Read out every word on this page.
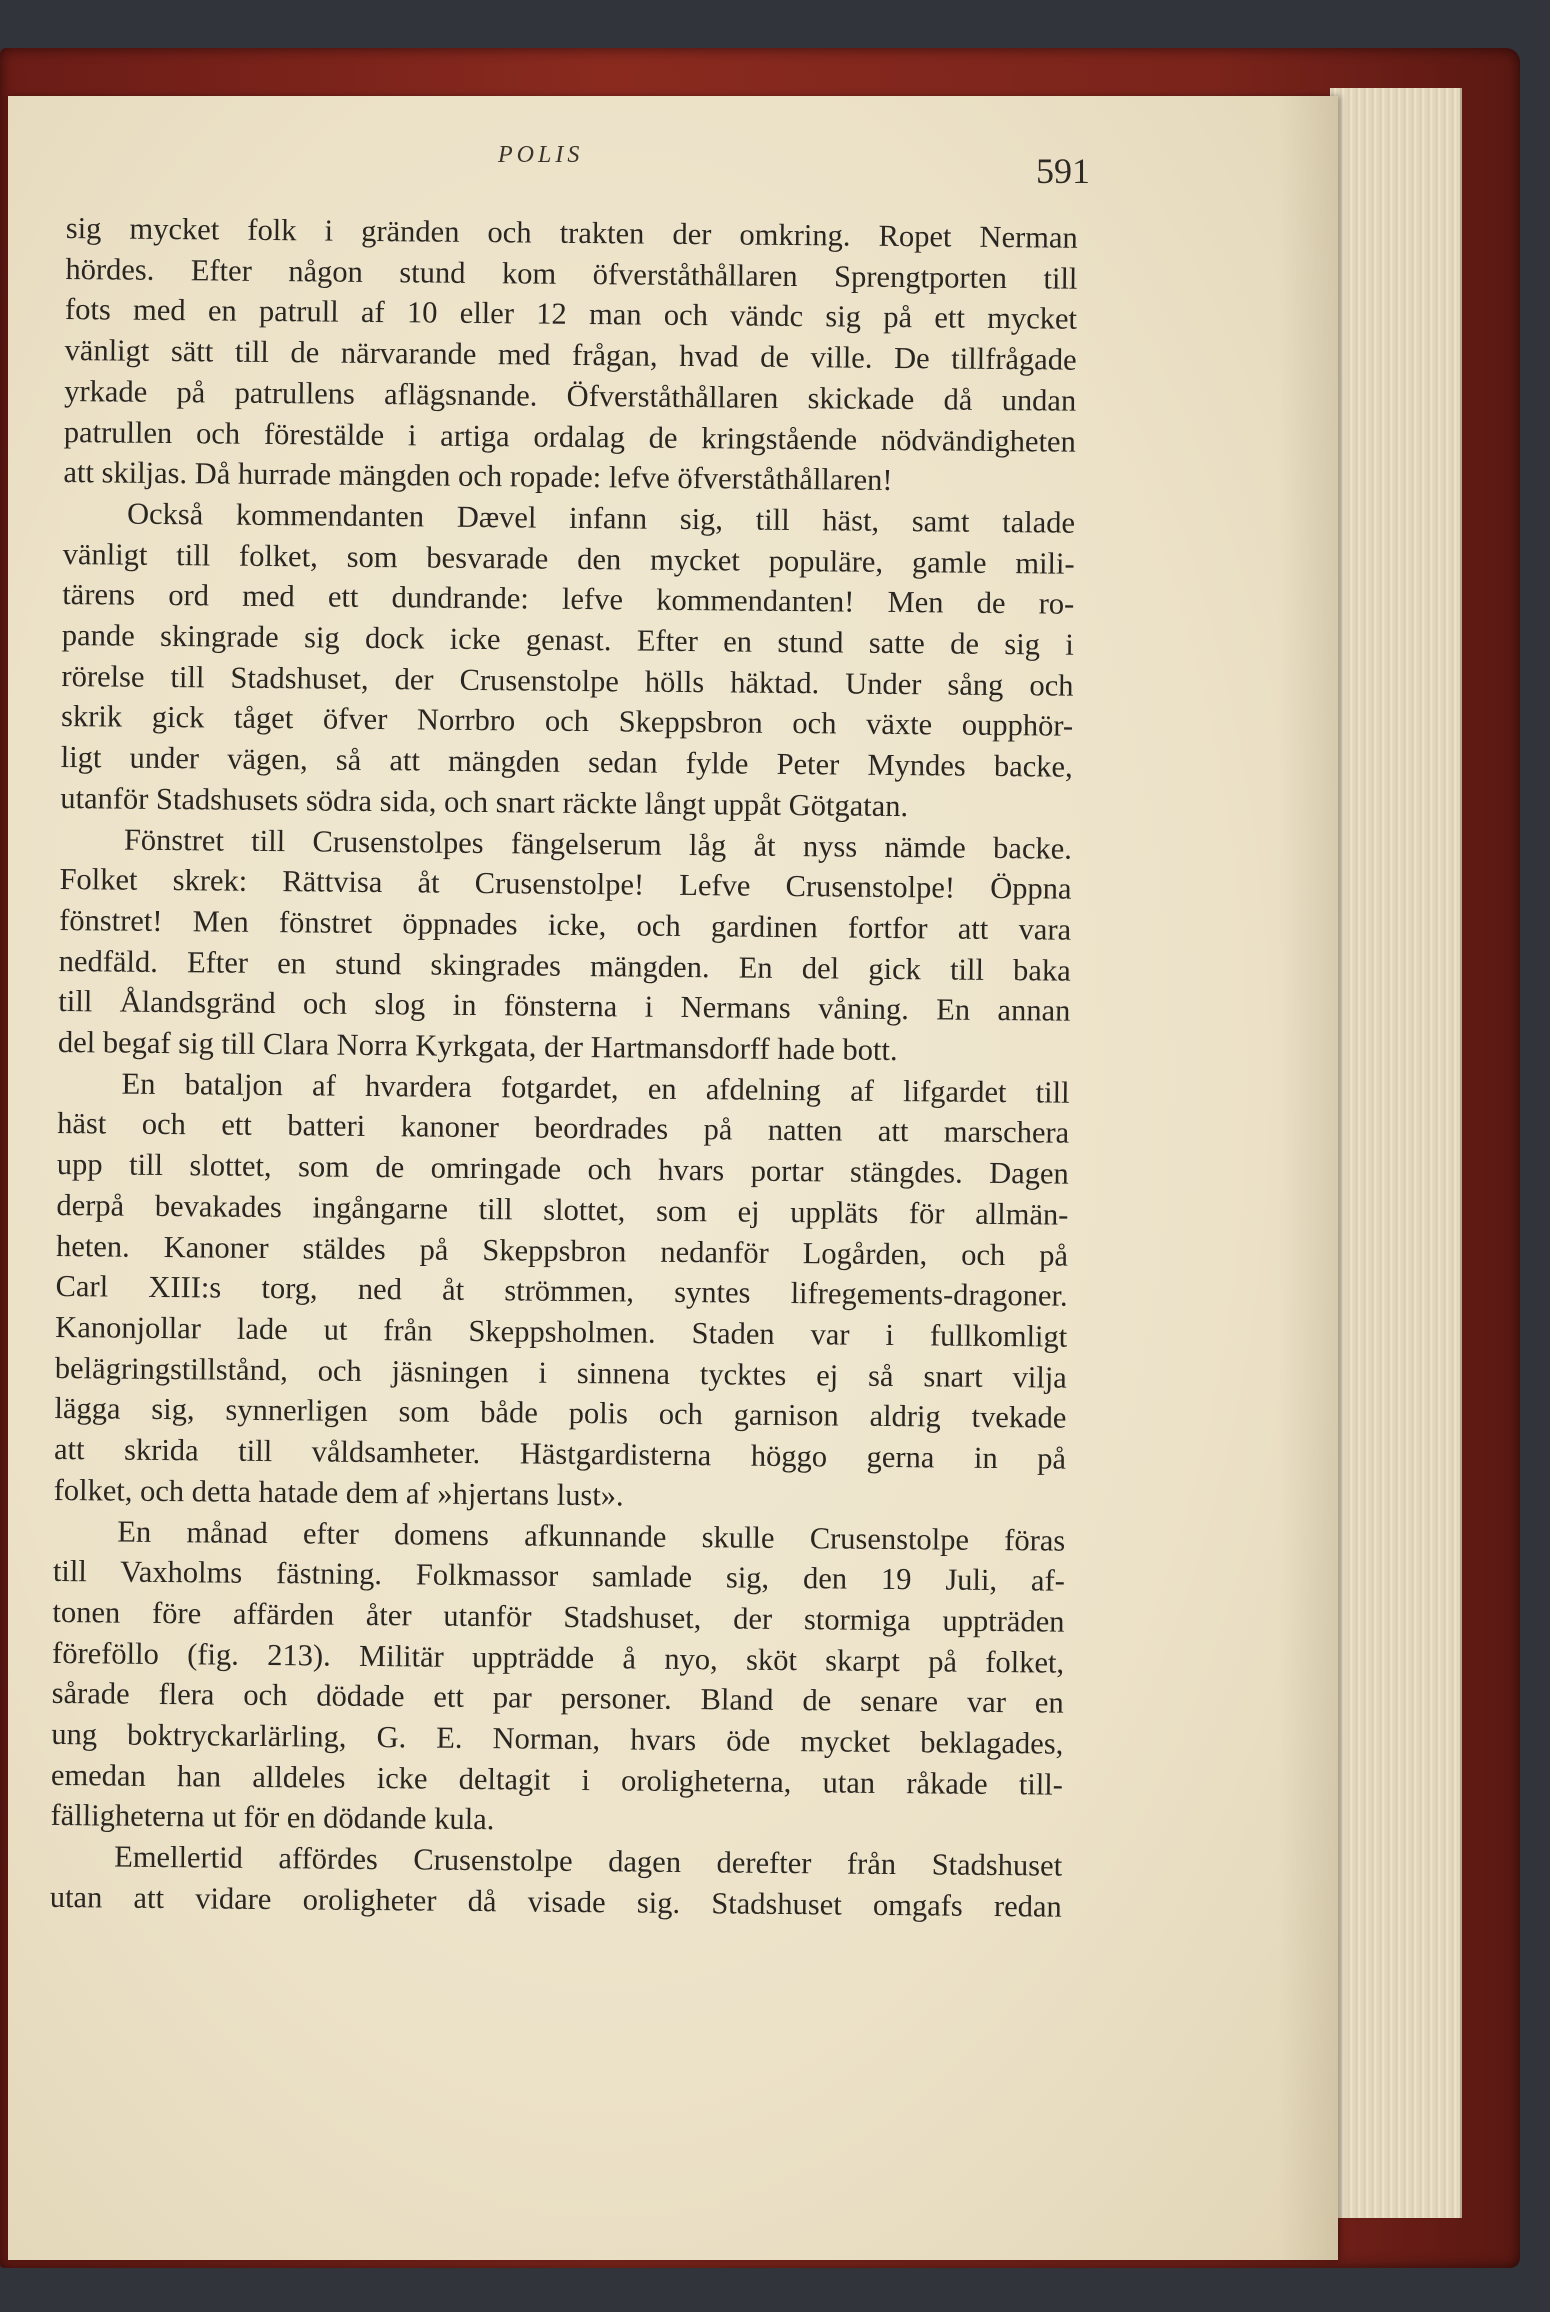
POLIS	591
sig mycket folk i gränden och trakten der omkring. Ropet Nerman
hördes. Efter någon stund kom öfverståthållaren Sprengtporten till
fots med en patrull af 10 eller 12 man och vändc sig på ett mycket
vänligt sätt till de närvarande med frågan, hvad de ville. De tillfrågade
yrkade på patrullens aflägsnande. Öfverståthållaren skickade då undan
patrullen och förestälde i artiga ordalag de kringstående nödvändigheten
att skiljas. Då hurrade mängden och ropade: lefve öfverståthållaren!
Också kommendanten Dævel infann sig, till häst, samt talade
vänligt till folket, som besvarade den mycket populäre, gamle mili-
tärens ord med ett dundrande: lefve kommendanten! Men de ro-
pande skingrade sig dock icke genast. Efter en stund satte de sig i
rörelse till Stadshuset, der Crusenstolpe hölls häktad. Under sång och
skrik gick tåget öfver Norrbro och Skeppsbron och växte oupphör-
ligt under vägen, så att mängden sedan fylde Peter Myndes backe,
utanför Stadshusets södra sida, och snart räckte långt uppåt Götgatan.
Fönstret till Crusenstolpes fängelserum låg åt nyss nämde backe.
Folket skrek: Rättvisa åt Crusenstolpe! Lefve Crusenstolpe! Öppna
fönstret! Men fönstret öppnades icke, och gardinen fortfor att vara
nedfäld. Efter en stund skingrades mängden. En del gick till baka
till Ålandsgränd och slog in fönsterna i Nermans våning. En annan
del begaf sig till Clara Norra Kyrkgata, der Hartmansdorff hade bott.
En bataljon af hvardera fotgardet, en afdelning af lifgardet till
häst och ett batteri kanoner beordrades på natten att marschera
upp till slottet, som de omringade och hvars portar stängdes. Dagen
derpå bevakades ingångarne till slottet, som ej uppläts för allmän-
heten. Kanoner stäldes på Skeppsbron nedanför Logården, och på
Carl XIII:s torg, ned åt strömmen, syntes lifregements-dragoner.
Kanonjollar lade ut från Skeppsholmen. Staden var i fullkomligt
belägringstillstånd, och jäsningen i sinnena tycktes ej så snart vilja
lägga sig, synnerligen som både polis och garnison aldrig tvekade
att skrida till våldsamheter. Hästgardisterna höggo gerna in på
folket, och detta hatade dem af »hjertans lust».
En månad efter domens afkunnande skulle Crusenstolpe föras
till Vaxholms fästning. Folkmassor samlade sig, den 19 Juli, af-
tonen före affärden åter utanför Stadshuset, der stormiga uppträden
föreföllo (fig. 213). Militär uppträdde å nyo, sköt skarpt på folket,
sårade flera och dödade ett par personer. Bland de senare var en
ung boktryckarlärling, G. E. Norman, hvars öde mycket beklagades,
emedan han alldeles icke deltagit i oroligheterna, utan råkade till-
fälligheterna ut för en dödande kula.
Emellertid affördes Crusenstolpe dagen derefter från Stadshuset
utan att vidare oroligheter då visade sig. Stadshuset omgafs redan
